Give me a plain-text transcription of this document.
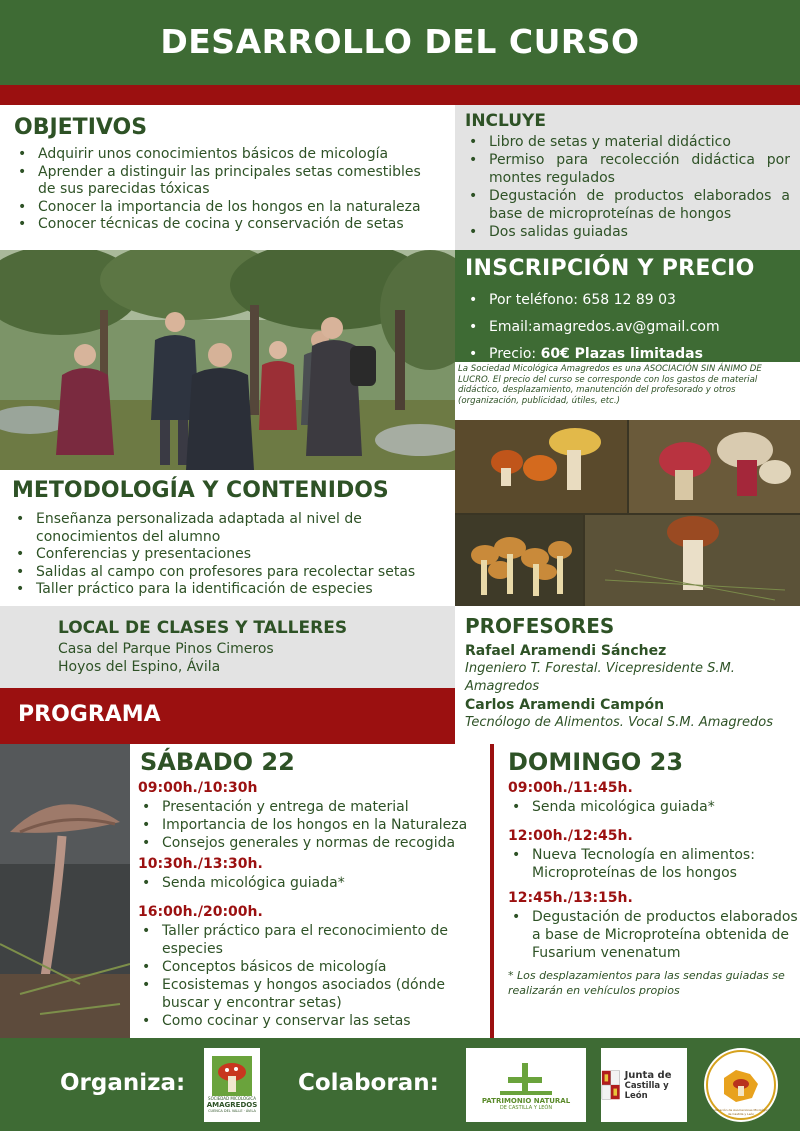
DESARROLLO DEL CURSO
OBJETIVOS
• Adquirir unos conocimientos básicos de micología
• Aprender a distinguir las principales setas comestibles de sus parecidas tóxicas
• Conocer la importancia de los hongos en la naturaleza
• Conocer técnicas de cocina y conservación de setas
INCLUYE
• Libro de setas y material didáctico
• Permiso para recolección didáctica por montes regulados
• Degustación de productos elaborados a base de microproteínas de hongos
• Dos salidas guiadas
INSCRIPCIÓN Y PRECIO
• Por teléfono: 658 12 89 03
• Email:amagredos.av@gmail.com
• Precio: 60€ Plazas limitadas
La Sociedad Micológica Amagredos es una ASOCIACIÓN SIN ÁNIMO DE LUCRO. El precio del curso se corresponde con los gastos de material didáctico, desplazamiento, manutención del profesorado y otros (organización, publicidad, útiles, etc.)
METODOLOGÍA Y CONTENIDOS
• Enseñanza personalizada adaptada al nivel de conocimientos del alumno
• Conferencias y presentaciones
• Salidas al campo con profesores para recolectar setas
• Taller práctico para la identificación de especies
LOCAL DE CLASES Y TALLERES

Casa del Parque Pinos Cimeros

Hoyos del Espino, Ávila

PROGRAMA
PROFESORES
Rafael Aramendi Sánchez
Ingeniero T. Forestal. Vicepresidente S.M. Amagredos
Carlos Aramendi Campón
Tecnólogo de Alimentos. Vocal S.M. Amagredos
SÁBADO 22
09:00h./10:30h
• Presentación y entrega de material
• Importancia de los hongos en la Naturaleza
• Consejos generales y normas de recogida
10:30h./13:30h.
• Senda micológica guiada*
16:00h./20:00h.
• Taller práctico para el reconocimiento de especies
• Conceptos básicos de micología
• Ecosistemas y hongos asociados (dónde buscar y encontrar setas)
• Como cocinar y conservar las setas
DOMINGO 23
09:00h./11:45h.
• Senda micológica guiada*
12:00h./12:45h.
• Nueva Tecnología en alimentos: Microproteínas de los hongos
12:45h./13:15h.
• Degustación de productos elaborados a base de Microproteína obtenida de Fusarium venenatum
* Los desplazamientos para las sendas guiadas se realizarán en vehículos propios
Organiza:
SOCIEDAD MICOLÓGICA
AMAGREDOS
CUENCA DEL VALLE · ÁVILA
Colaboran:
PATRIMONIO NATURAL
DE CASTILLA Y LEÓN
Junta de
Castilla y León
Federación de Asociaciones Micológicas de Castilla y León
